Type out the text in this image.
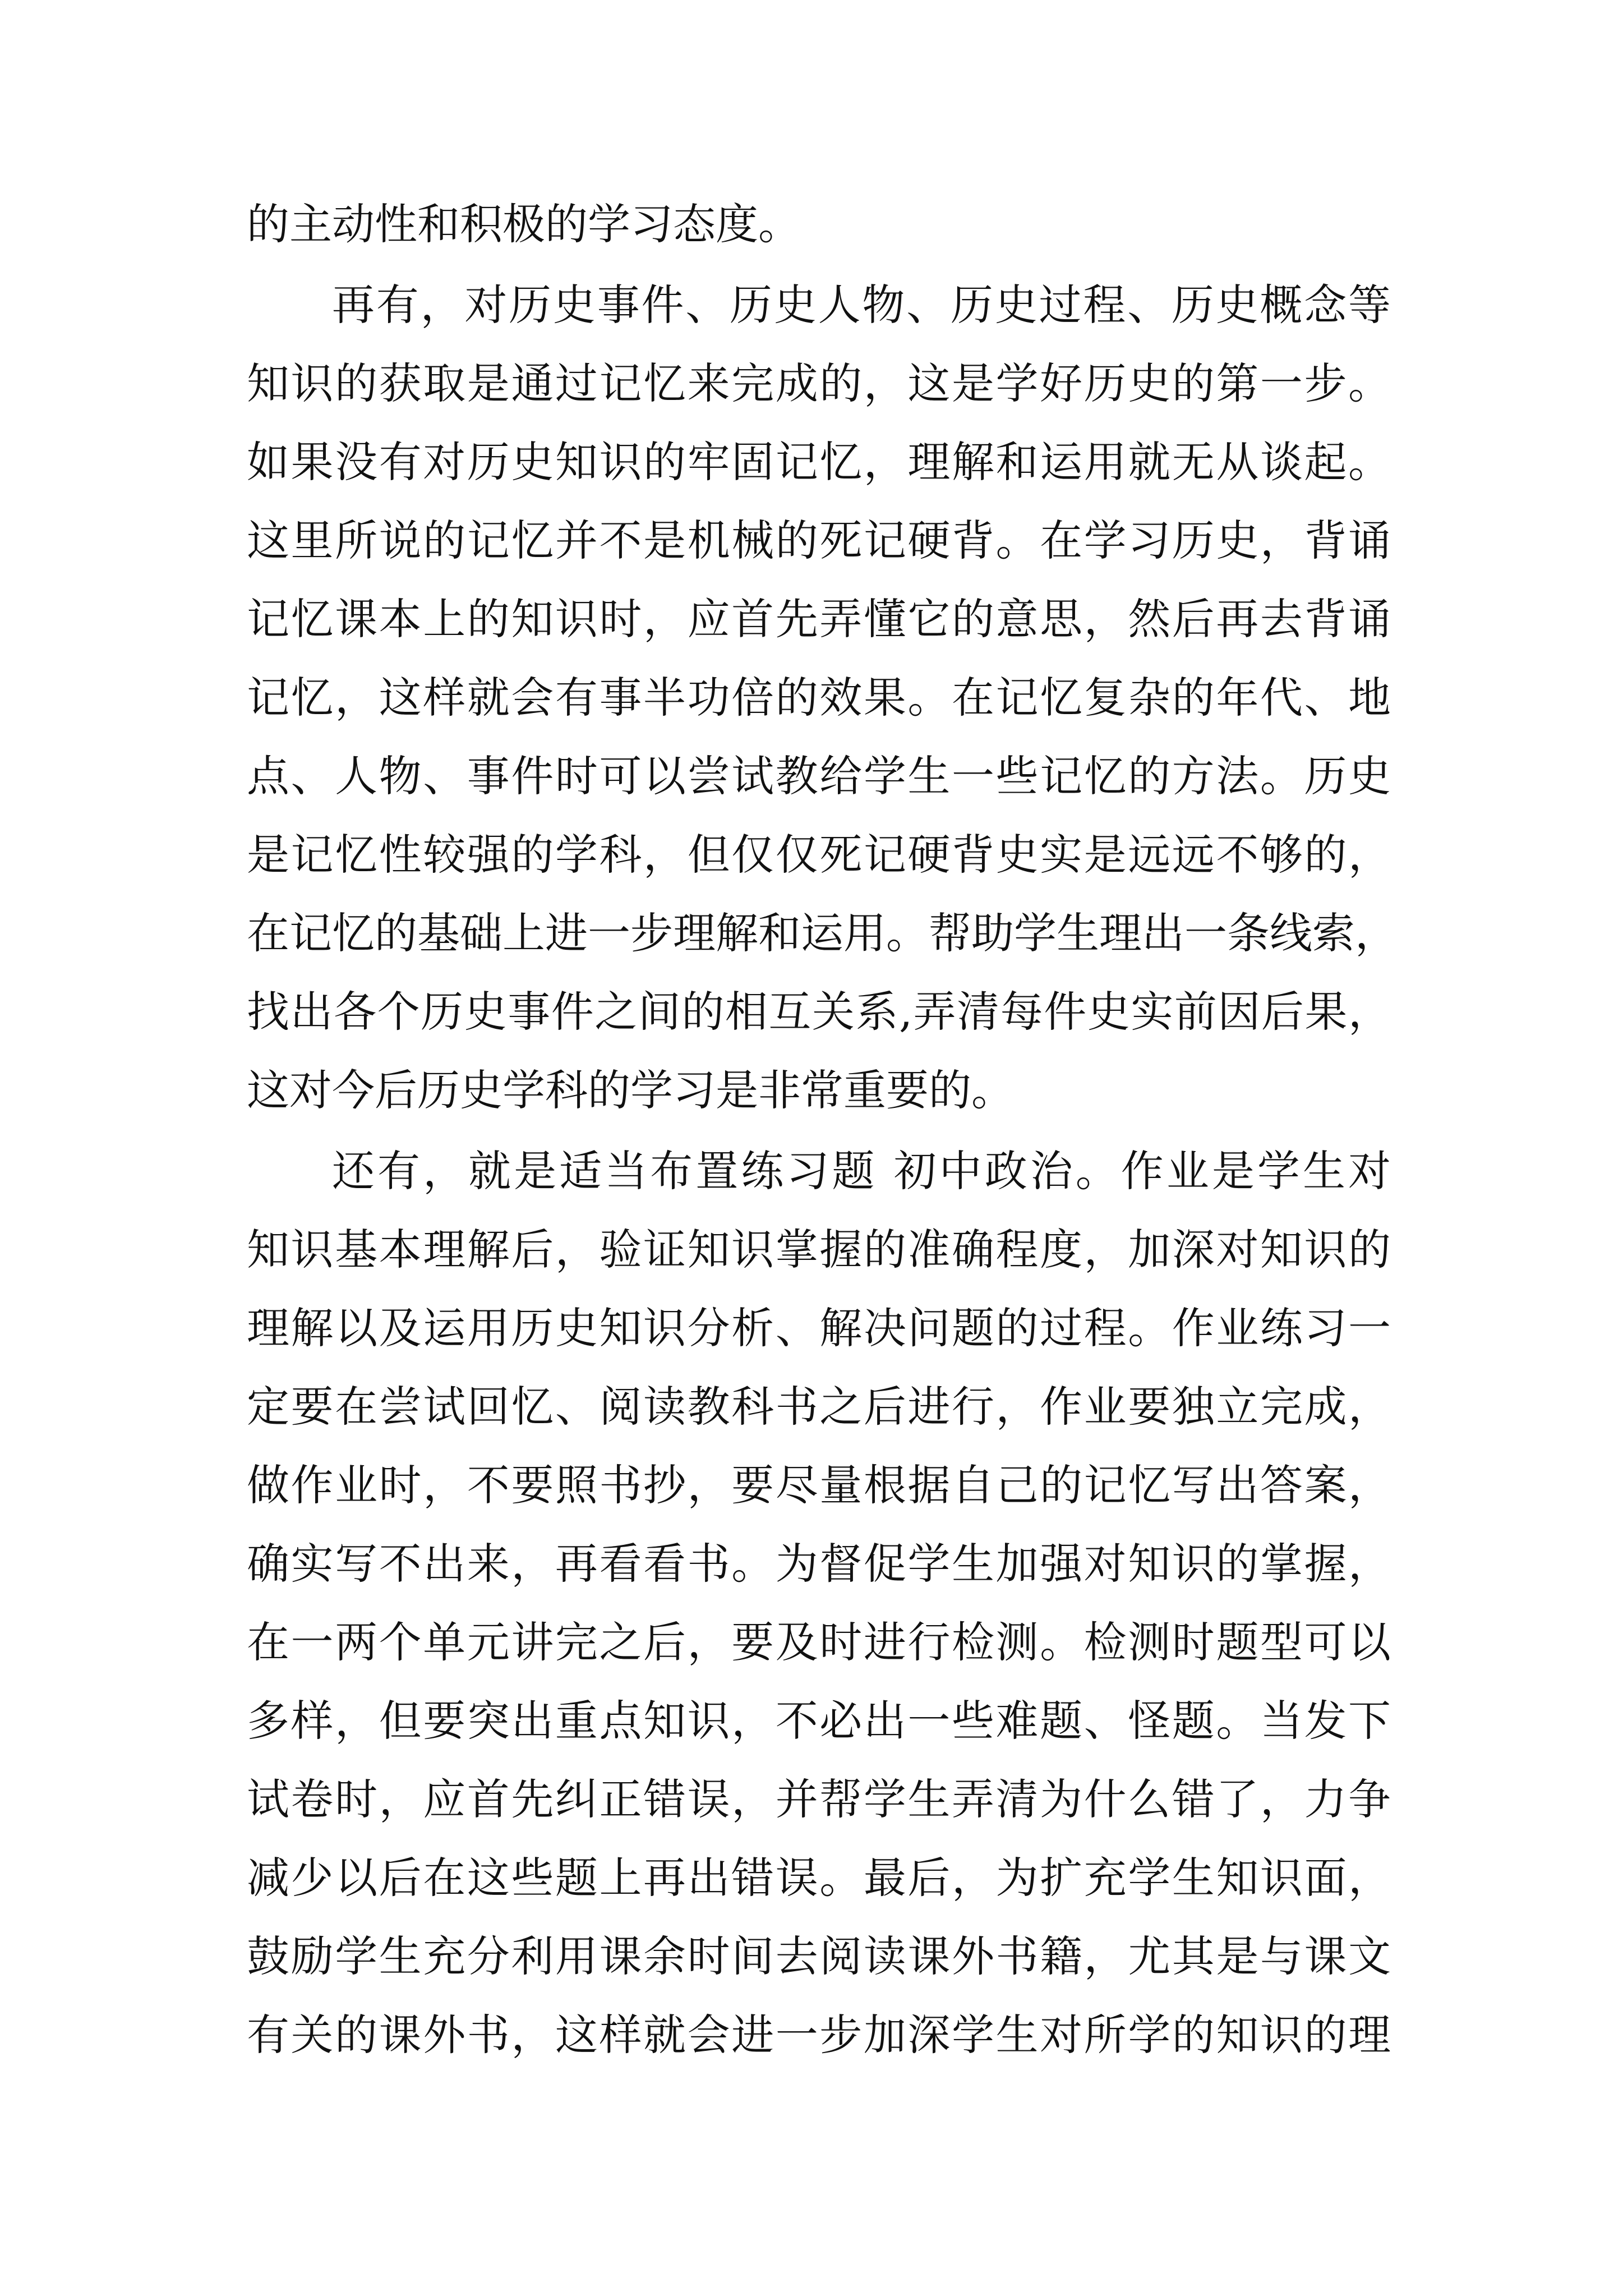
的主动性和积极的学习态度。
再有，对历史事件、历史人物、历史过程、历史概念等
知识的获取是通过记忆来完成的，这是学好历史的第一步。
如果没有对历史知识的牢固记忆，理解和运用就无从谈起。
这里所说的记忆并不是机械的死记硬背。在学习历史，背诵
记忆课本上的知识时，应首先弄懂它的意思，然后再去背诵
记忆，这样就会有事半功倍的效果。在记忆复杂的年代、地
点、人物、事件时可以尝试教给学生一些记忆的方法。历史
是记忆性较强的学科，但仅仅死记硬背史实是远远不够的，
在记忆的基础上进一步理解和运用。帮助学生理出一条线索，
找出各个历史事件之间的相互关系,弄清每件史实前因后果，
这对今后历史学科的学习是非常重要的。
还有，就是适当布置练习题 初中政治。作业是学生对
知识基本理解后，验证知识掌握的准确程度，加深对知识的
理解以及运用历史知识分析、解决问题的过程。作业练习一
定要在尝试回忆、阅读教科书之后进行，作业要独立完成，
做作业时，不要照书抄，要尽量根据自己的记忆写出答案，
确实写不出来，再看看书。为督促学生加强对知识的掌握，
在一两个单元讲完之后，要及时进行检测。检测时题型可以
多样，但要突出重点知识，不必出一些难题、怪题。当发下
试卷时，应首先纠正错误，并帮学生弄清为什么错了，力争
减少以后在这些题上再出错误。最后，为扩充学生知识面，
鼓励学生充分利用课余时间去阅读课外书籍，尤其是与课文
有关的课外书，这样就会进一步加深学生对所学的知识的理
